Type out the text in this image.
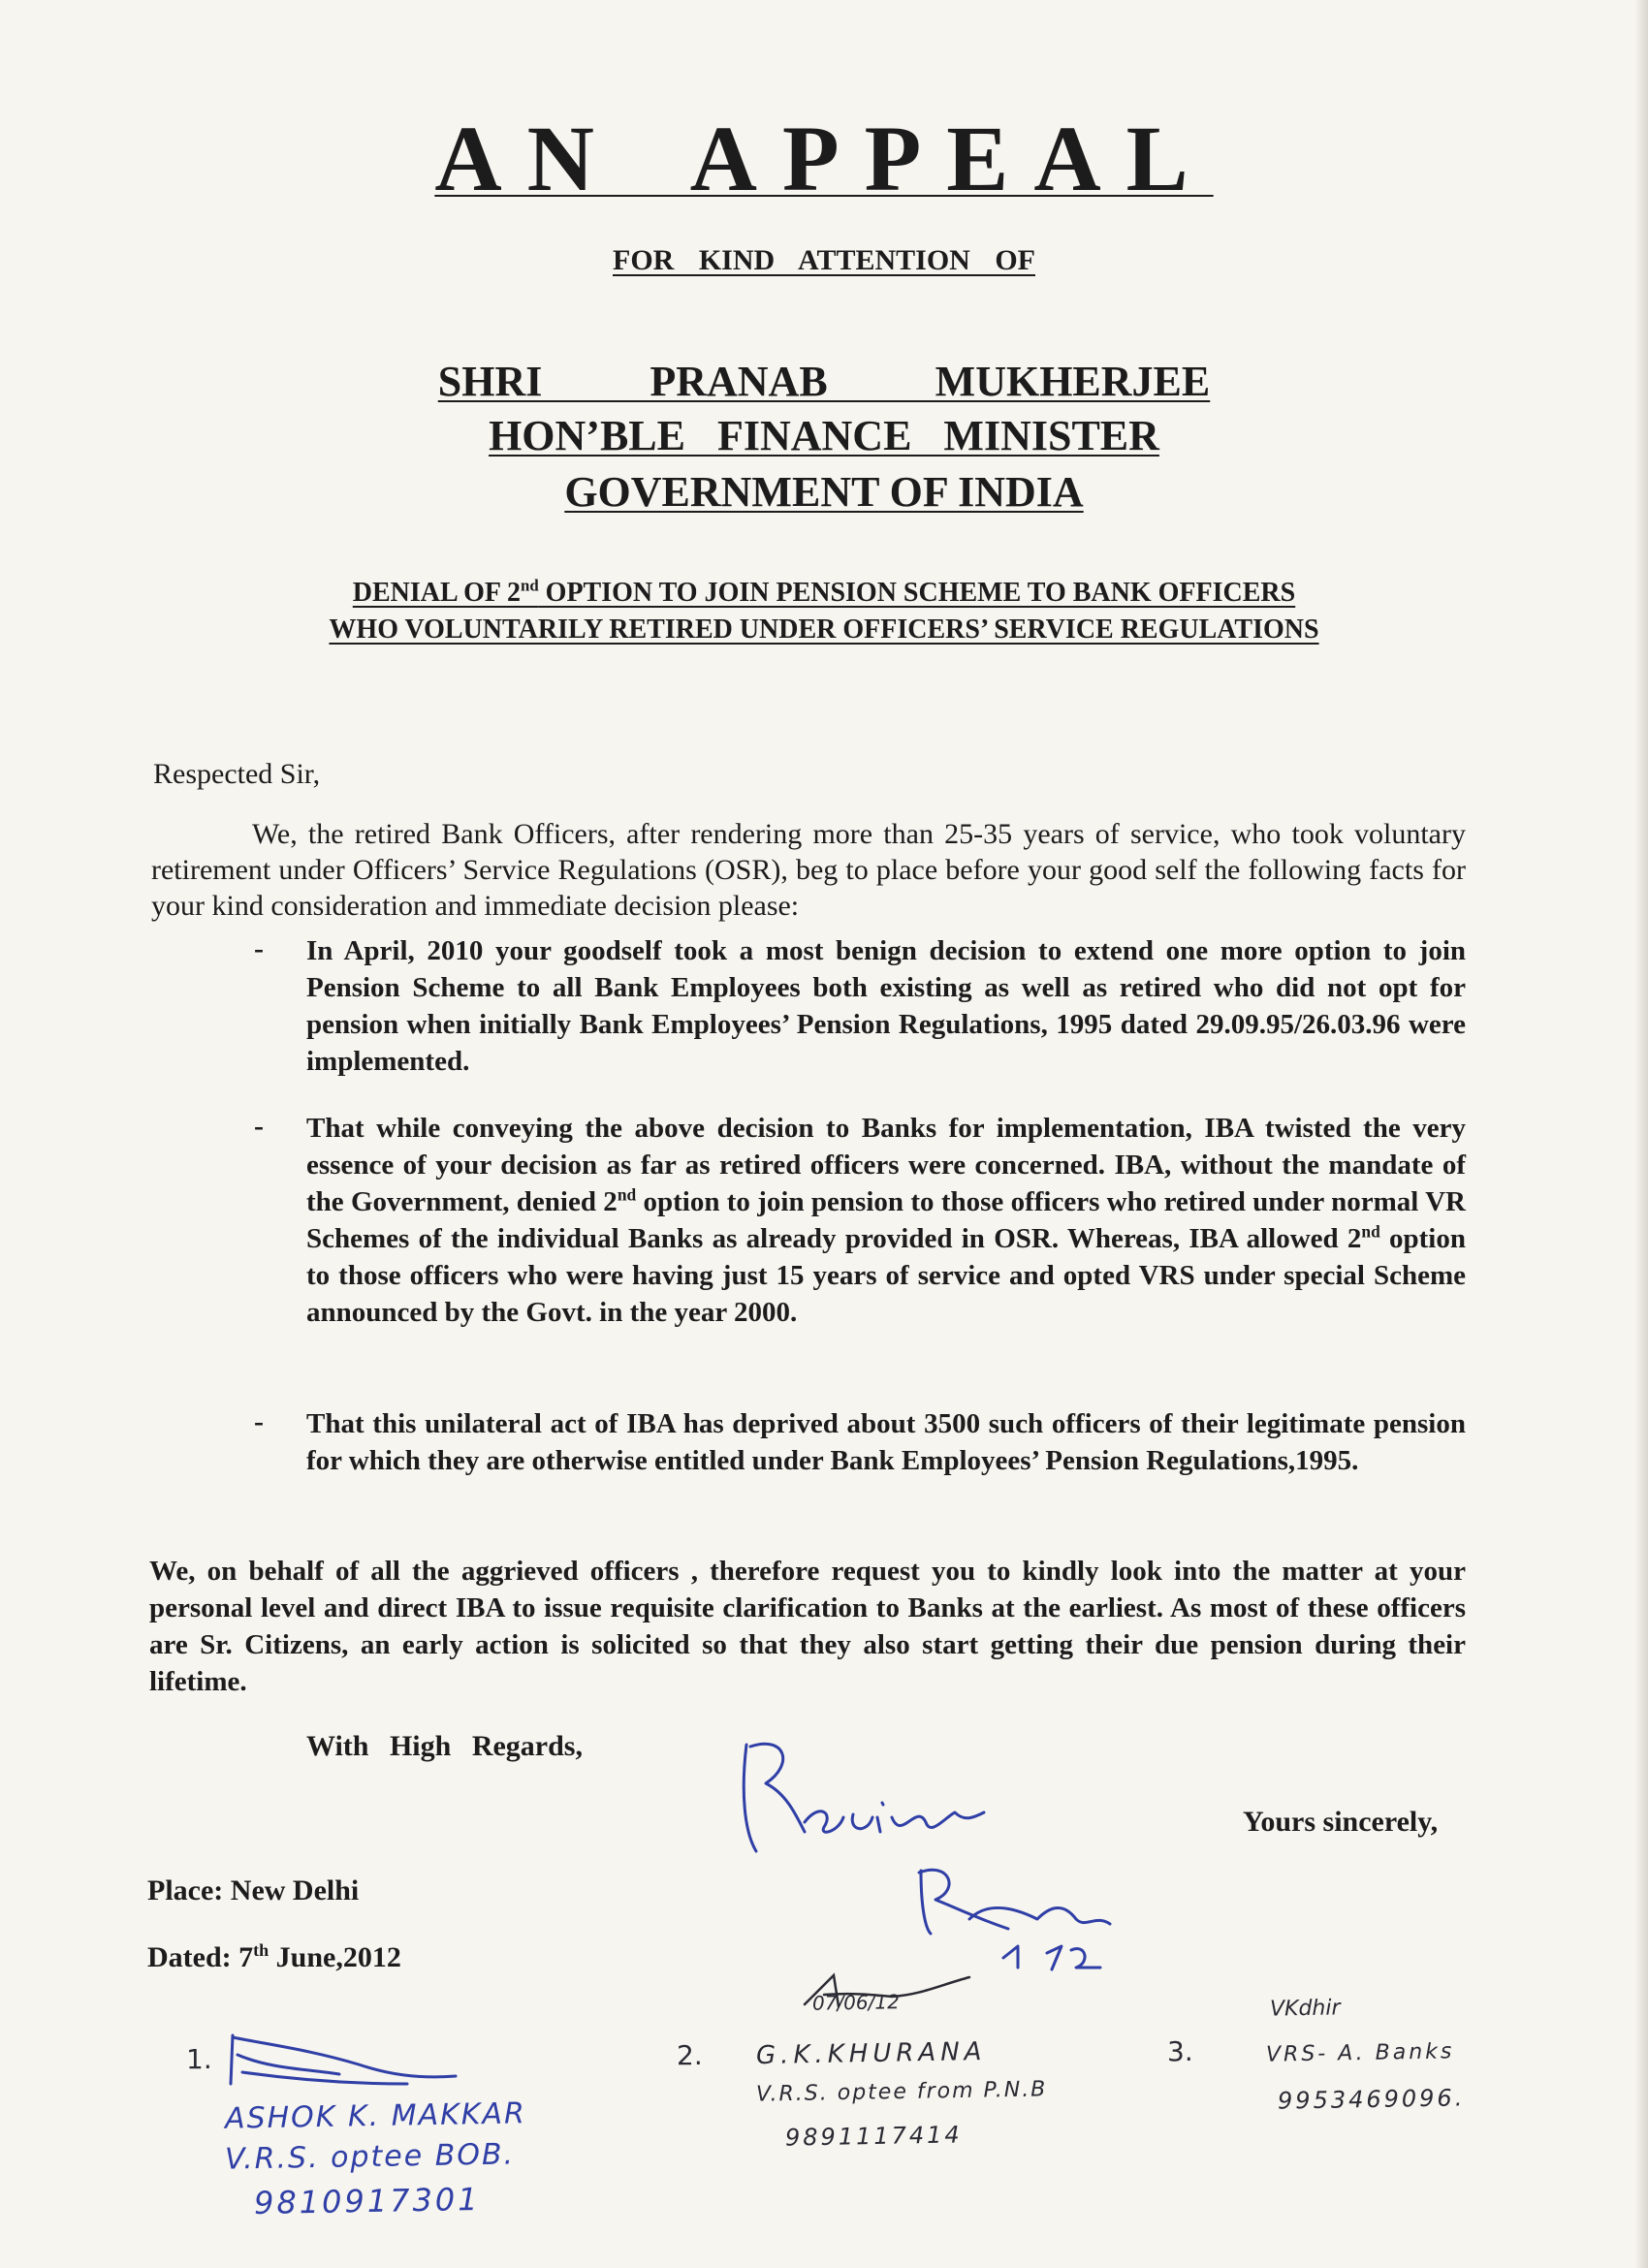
AN APPEAL
FOR KIND ATTENTION OF
SHRI PRANAB MUKHERJEE
HON’BLE FINANCE MINISTER
GOVERNMENT OF INDIA
DENIAL OF 2nd OPTION TO JOIN PENSION SCHEME TO BANK OFFICERS
WHO VOLUNTARILY RETIRED UNDER OFFICERS’ SERVICE REGULATIONS
Respected Sir,
We, the retired Bank Officers, after rendering more than 25-35 years of service, who took voluntary retirement under Officers’ Service Regulations (OSR), beg to place before your good self the following facts for your kind consideration and immediate decision please:
- In April, 2010 your goodself took a most benign decision to extend one more option to join Pension Scheme to all Bank Employees both existing as well as retired who did not opt for pension when initially Bank Employees’ Pension Regulations, 1995 dated 29.09.95/26.03.96 were implemented.
- That while conveying the above decision to Banks for implementation, IBA twisted the very essence of your decision as far as retired officers were concerned. IBA, without the mandate of the Government, denied 2nd option to join pension to those officers who retired under normal VR Schemes of the individual Banks as already provided in OSR. Whereas, IBA allowed 2nd option to those officers who were having just 15 years of service and opted VRS under special Scheme announced by the Govt. in the year 2000.
- That this unilateral act of IBA has deprived about 3500 such officers of their legitimate pension for which they are otherwise entitled under Bank Employees’ Pension Regulations,1995.
We, on behalf of all the aggrieved officers , therefore request you to kindly look into the matter at your personal level and direct IBA to issue requisite clarification to Banks at the earliest. As most of these officers are Sr. Citizens, an early action is solicited so that they also start getting their due pension during their lifetime.
With High Regards,
Yours sincerely,
Place: New Delhi
Dated: 7th June,2012
1.
ASHOK K. MAKKAR
V.R.S. optee BOB.
9810917301
2.
07/06/12
G.K.KHURANA
V.R.S. optee from P.N.B
9891117414
3.
VKdhir
VRS- A. Banks
9953469096.
